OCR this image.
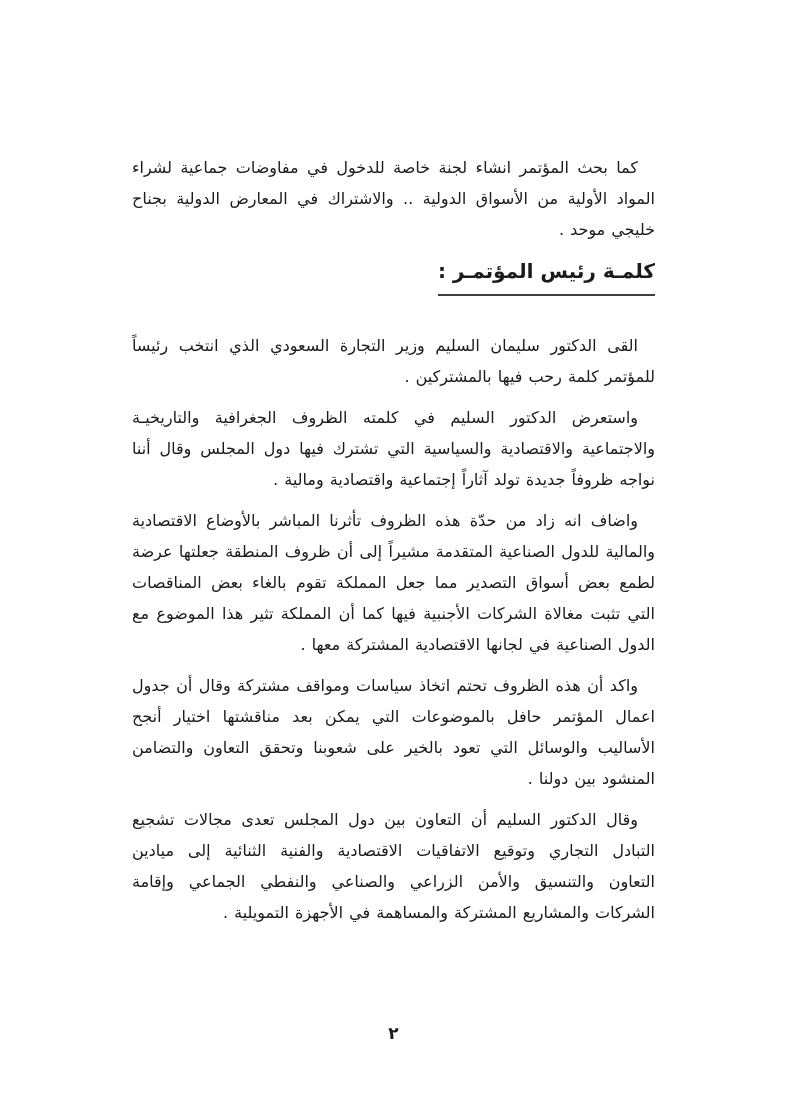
كما بحث المؤتمر انشاء لجنة خاصة للدخول في مفاوضات جماعية لشراء
المواد الأولية من الأسواق الدولية .. والاشتراك في المعارض الدولية بجناح
خليجي موحد .
كلمـة رئيس المؤتمـر :
القى الدكتور سليمان السليم وزير التجارة السعودي الذي انتخب رئيساً
للمؤتمر كلمة رحب فيها بالمشتركين .
واستعرض الدكتور السليم في كلمته الظروف الجغرافية والتاريخيـة
والاجتماعية والاقتصادية والسياسية التي تشترك فيها دول المجلس وقال أننا
نواجه ظروفاً جديدة تولد آثاراً إجتماعية واقتصادية ومالية .
واضاف انه زاد من حدّة هذه الظروف تأثرنا المباشر بالأوضاع الاقتصادية
والمالية للدول الصناعية المتقدمة مشيراً إلى أن ظروف المنطقة جعلتها عرضة
لطمع بعض أسواق التصدير مما جعل المملكة تقوم بالغاء بعض المناقصات
التي تثبت مغالاة الشركات الأجنبية فيها كما أن المملكة تثير هذا الموضوع مع
الدول الصناعية في لجانها الاقتصادية المشتركة معها .
واكد أن هذه الظروف تحتم اتخاذ سياسات ومواقف مشتركة وقال أن جدول
اعمال المؤتمر حافل بالموضوعات التي يمكن بعد مناقشتها اختيار أنجح
الأساليب والوسائل التي تعود بالخير على شعوبنا وتحقق التعاون والتضامن
المنشود بين دولنا .
وقال الدكتور السليم أن التعاون بين دول المجلس تعدى مجالات تشجيع
التبادل التجاري وتوقيع الاتفاقيات الاقتصادية والفنية الثنائية إلى ميادين
التعاون والتنسيق والأمن الزراعي والصناعي والنفطي الجماعي وإقامة
الشركات والمشاريع المشتركة والمساهمة في الأجهزة التمويلية .
٢
